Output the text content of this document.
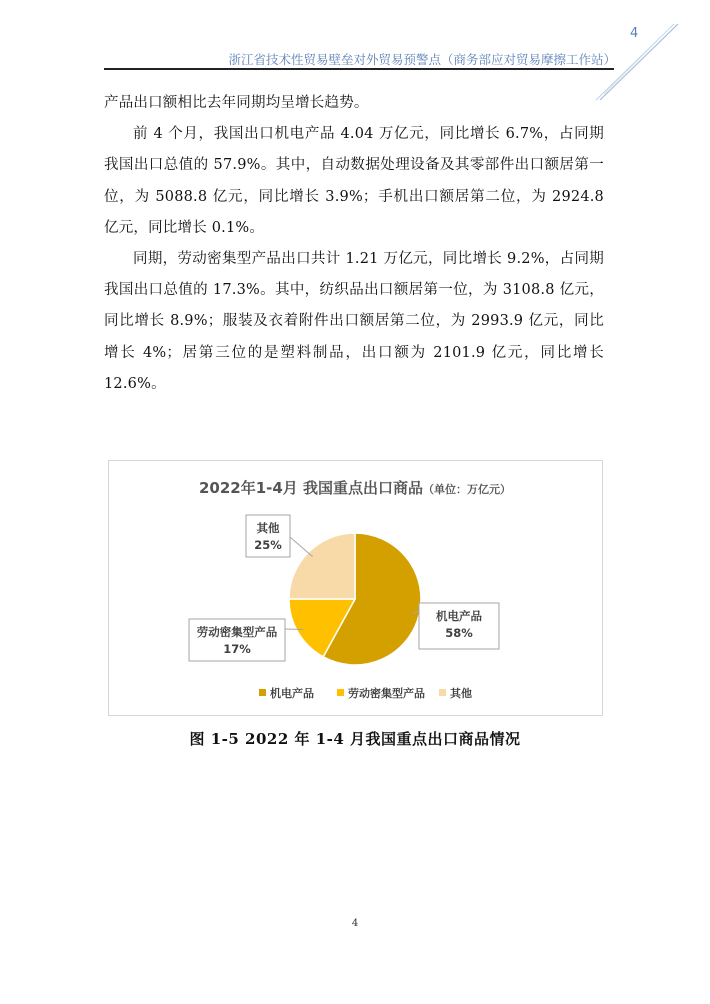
4
浙江省技术性贸易壁垒对外贸易预警点（商务部应对贸易摩擦工作站）

产品出口额相比去年同期均呈增长趋势。

前 4 个月，我国出口机电产品 4.04 万亿元，同比增长 6.7%，占同期我国出口总值的 57.9%。其中，自动数据处理设备及其零部件出口额居第一位，为 5088.8 亿元，同比增长 3.9%；手机出口额居第二位，为 2924.8 亿元，同比增长 0.1%。

同期，劳动密集型产品出口共计 1.21 万亿元，同比增长 9.2%，占同期我国出口总值的 17.3%。其中，纺织品出口额居第一位，为 3108.8 亿元，同比增长 8.9%；服装及衣着附件出口额居第二位，为 2993.9 亿元，同比增长 4%；居第三位的是塑料制品，出口额为 2101.9 亿元，同比增长 12.6%。

2022年1-4月 我国重点出口商品（单位：万亿元）
机电产品
58%
劳动密集型产品
17%
其他
25%
机电产品	劳动密集型产品 其他
图 1-5 2022 年 1-4 月我国重点出口商品情况
4
